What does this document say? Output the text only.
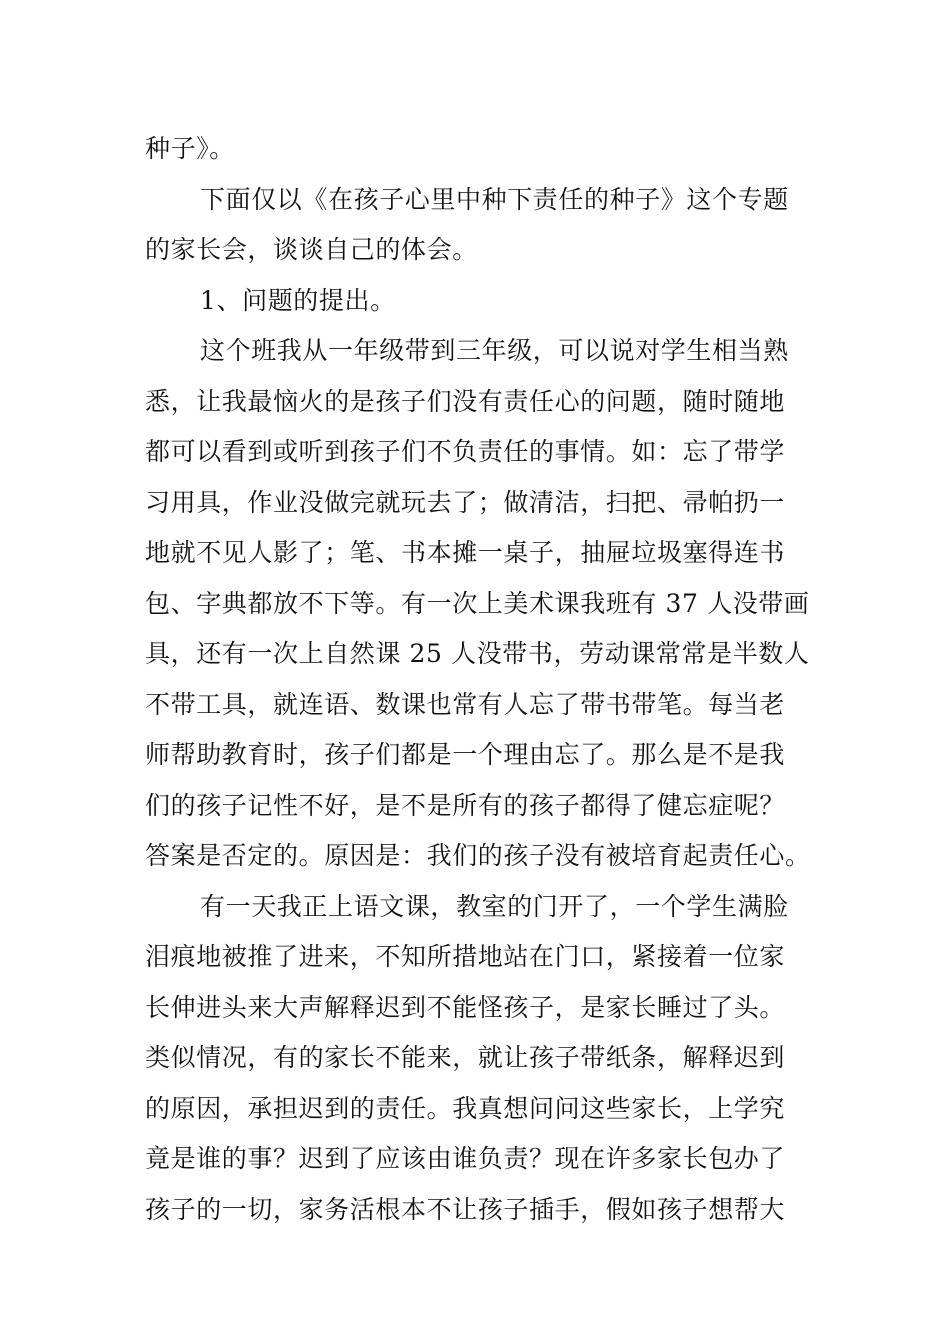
种子》。

下面仅以《在孩子心里中种下责任的种子》这个专题
的家长会，谈谈自己的体会。

1、问题的提出。

这个班我从一年级带到三年级，可以说对学生相当熟
悉，让我最恼火的是孩子们没有责任心的问题，随时随地
都可以看到或听到孩子们不负责任的事情。如：忘了带学
习用具，作业没做完就玩去了；做清洁，扫把、帚帕扔一
地就不见人影了；笔、书本摊一桌子，抽屉垃圾塞得连书
包、字典都放不下等。有一次上美术课我班有 37 人没带画
具，还有一次上自然课 25 人没带书，劳动课常常是半数人
不带工具，就连语、数课也常有人忘了带书带笔。每当老
师帮助教育时，孩子们都是一个理由忘了。那么是不是我
们的孩子记性不好，是不是所有的孩子都得了健忘症呢？
答案是否定的。原因是：我们的孩子没有被培育起责任心。

有一天我正上语文课，教室的门开了，一个学生满脸
泪痕地被推了进来，不知所措地站在门口，紧接着一位家
长伸进头来大声解释迟到不能怪孩子，是家长睡过了头。
类似情况，有的家长不能来，就让孩子带纸条，解释迟到
的原因，承担迟到的责任。我真想问问这些家长，上学究
竟是谁的事？迟到了应该由谁负责？现在许多家长包办了
孩子的一切，家务活根本不让孩子插手，假如孩子想帮大
